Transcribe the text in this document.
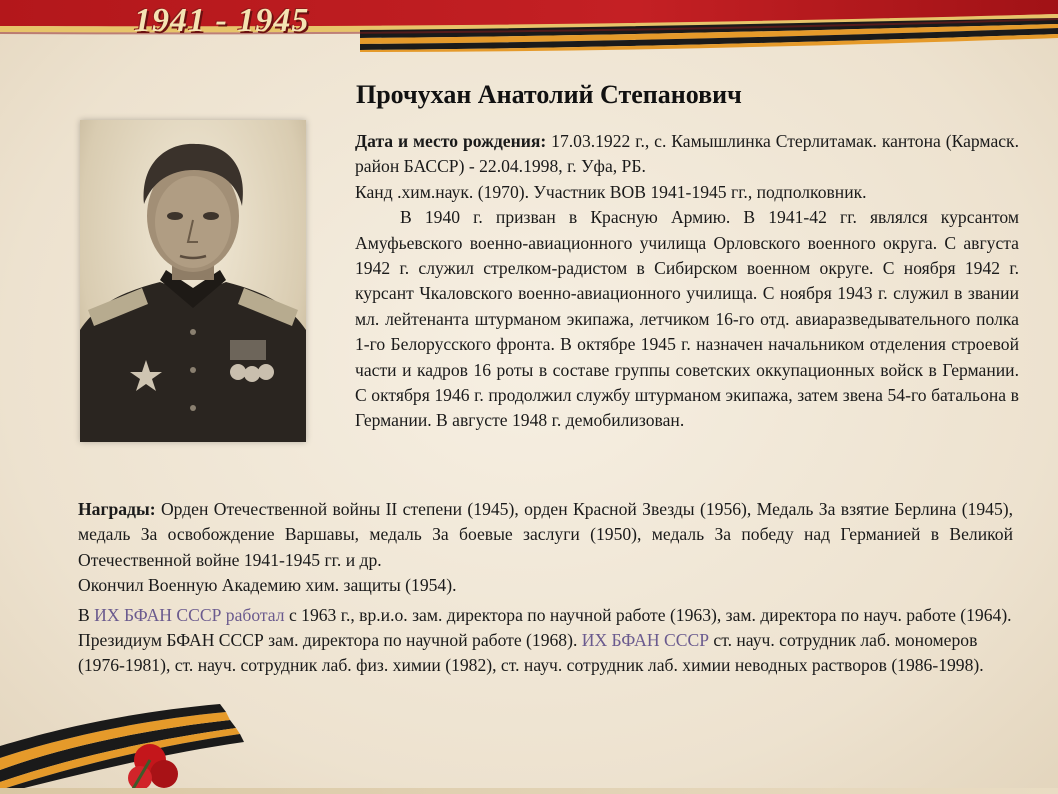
1941 - 1945
Прочухан Анатолий Степанович

Дата и место рождения: 17.03.1922 г., с. Камышлинка Стерлитамак. кантона (Кармаск. район БАССР) - 22.04.1998, г. Уфа, РБ.

Канд .хим.наук. (1970). Участник ВОВ 1941-1945 гг., подполковник.

В 1940 г. призван в Красную Армию. В 1941-42 гг. являлся курсантом Амуфьевского военно-авиационного училища Орловского военного округа. С августа 1942 г. служил стрелком-радистом в Сибирском военном округе. С ноября 1942 г. курсант Чкаловского военно-авиационного училища. С ноября 1943 г. служил в звании мл. лейтенанта штурманом экипажа, летчиком 16-го отд. авиаразведывательного полка 1-го Белорусского фронта. В октябре 1945 г. назначен начальником отделения строевой части и кадров 16 роты в составе группы советских оккупационных войск в Германии. С октября 1946 г. продолжил службу штурманом экипажа, затем звена 54-го батальона в Германии. В августе 1948 г. демобилизован.

Награды: Орден Отечественной войны II степени (1945), орден Красной Звезды (1956), Медаль За взятие Берлина (1945), медаль За освобождение Варшавы, медаль За боевые заслуги (1950), медаль За победу над Германией в Великой Отечественной войне 1941-1945 гг. и др.

Окончил Военную Академию хим. защиты (1954).

В ИХ БФАН СССР работал с 1963 г., вр.и.о. зам. директора по научной работе (1963), зам. директора по науч. работе (1964). Президиум БФАН СССР зам. директора по научной работе (1968). ИХ БФАН СССР ст. науч. сотрудник лаб. мономеров (1976-1981), ст. науч. сотрудник лаб. физ. химии (1982), ст. науч. сотрудник лаб. химии неводных растворов (1986-1998).
